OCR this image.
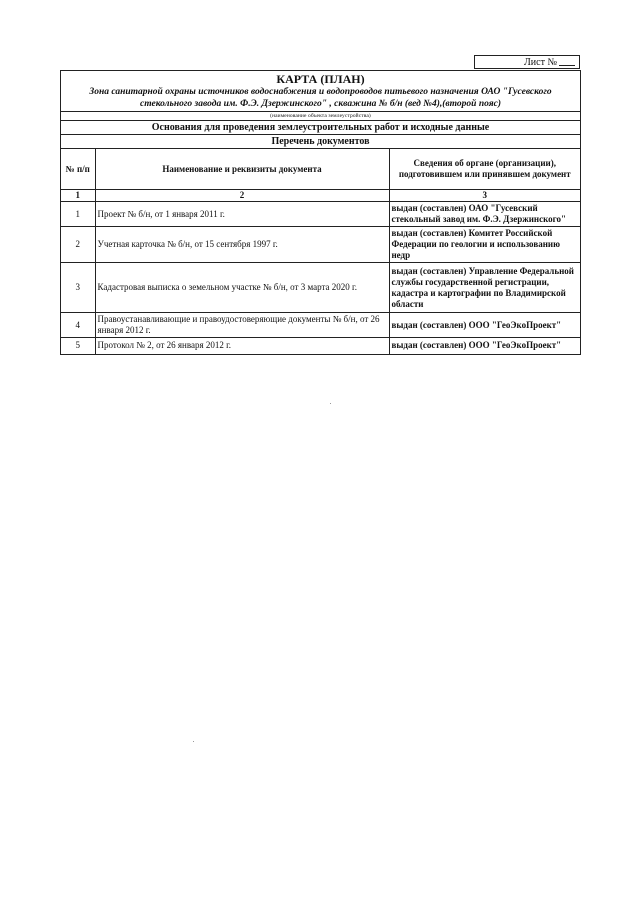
Лист №
КАРТА (ПЛАН)
Зона санитарной охраны источников водоснабжения и водопроводов питьевого назначения ОАО "Гусевского стекольного завода им. Ф.Э. Дзержинского" , скважина № б/н (вед №4),(второй пояс)
(наименование объекта землеустройства)
Основания для проведения землеустроительных работ и исходные данные
Перечень документов
№ п/п	Наименование и реквизиты документа	Сведения об органе (организации), подготовившем или принявшем документ
1	2	3
1	Проект № б/н, от 1 января 2011 г.	выдан (составлен) ОАО "Гусевский стекольный завод им. Ф.Э. Дзержинского"
2	Учетная карточка № б/н, от 15 сентября 1997 г.	выдан (составлен) Комитет Российской Федерации по геологии и использованию недр
3	Кадастровая выписка о земельном участке № б/н, от 3 марта 2020 г.	выдан (составлен) Управление Федеральной службы государственной регистрации, кадастра и картографии по Владимирской области
4	Правоустанавливающие и правоудостоверяющие документы № б/н, от 26 января 2012 г.	выдан (составлен) ООО "ГеоЭкоПроект"
5	Протокол № 2, от 26 января 2012 г.	выдан (составлен) ООО "ГеоЭкоПроект"
